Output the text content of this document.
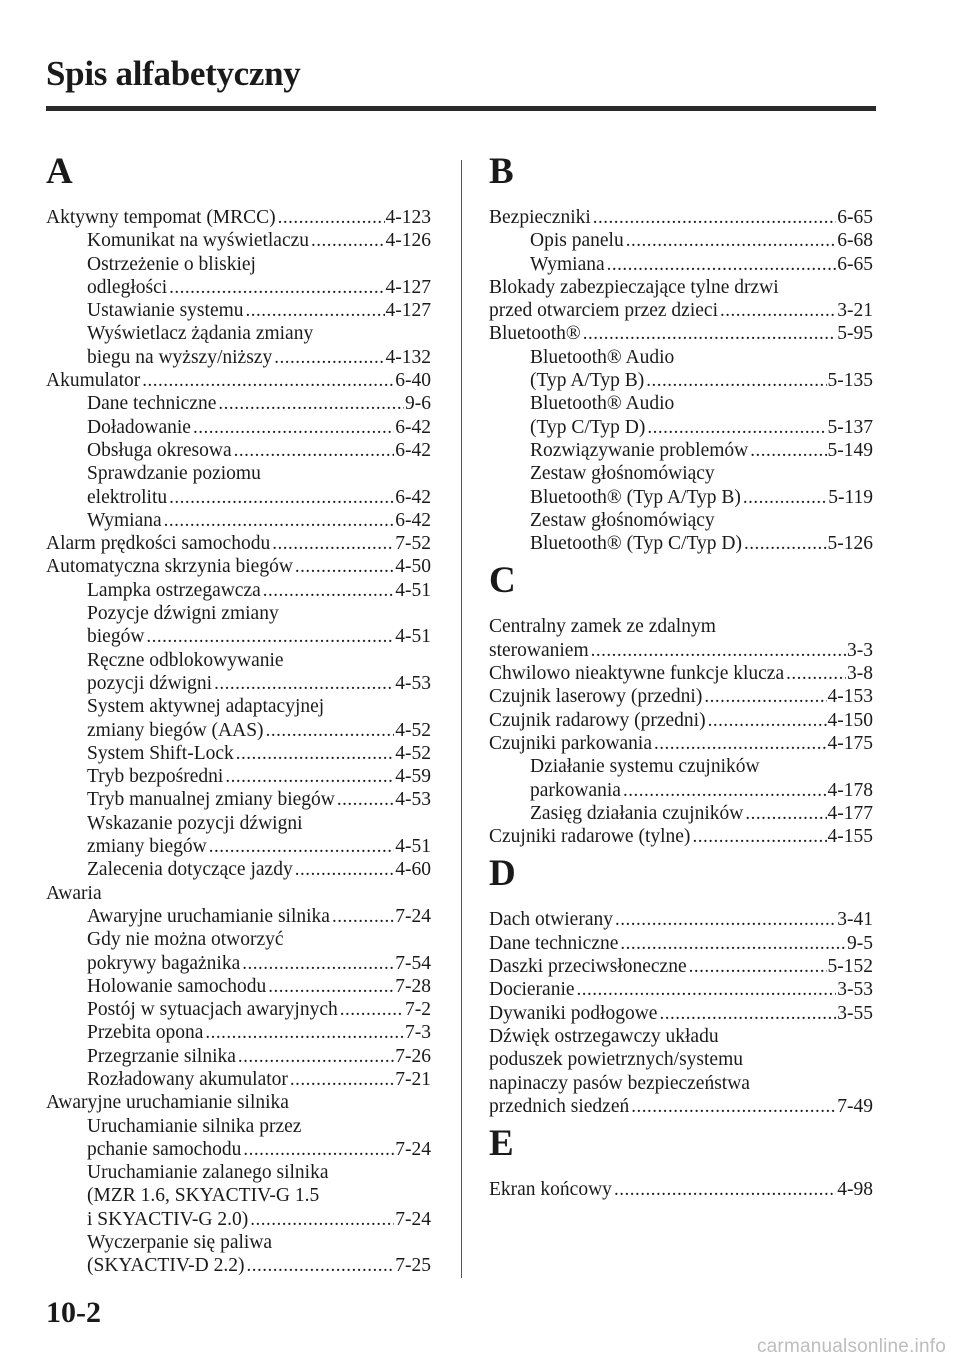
Spis alfabetyczny
A
Aktywny tempomat (MRCC) .....	4-123
Komunikat na wyświetlaczu .....	4-126
Ostrzeżenie o bliskiej
odległości .....	4-127
Ustawianie systemu .....	4-127
Wyświetlacz żądania zmiany
biegu na wyższy/niższy .....	4-132
Akumulator .....	6-40
Dane techniczne .....	9-6
Doładowanie .....	6-42
Obsługa okresowa .....	6-42
Sprawdzanie poziomu
elektrolitu .....	6-42
Wymiana .....	6-42
Alarm prędkości samochodu .....	7-52
Automatyczna skrzynia biegów .....	4-50
Lampka ostrzegawcza .....	4-51
Pozycje dźwigni zmiany
biegów .....	4-51
Ręczne odblokowywanie
pozycji dźwigni .....	4-53
System aktywnej adaptacyjnej
zmiany biegów (AAS) .....	4-52
System Shift-Lock .....	4-52
Tryb bezpośredni .....	4-59
Tryb manualnej zmiany biegów .....	4-53
Wskazanie pozycji dźwigni
zmiany biegów .....	4-51
Zalecenia dotyczące jazdy .....	4-60
Awaria
Awaryjne uruchamianie silnika .....	7-24
Gdy nie można otworzyć
pokrywy bagażnika .....	7-54
Holowanie samochodu .....	7-28
Postój w sytuacjach awaryjnych .....	7-2
Przebita opona .....	7-3
Przegrzanie silnika .....	7-26
Rozładowany akumulator .....	7-21
Awaryjne uruchamianie silnika
Uruchamianie silnika przez
pchanie samochodu .....	7-24
Uruchamianie zalanego silnika
(MZR 1.6, SKYACTIV-G 1.5
i SKYACTIV-G 2.0) .....	7-24
Wyczerpanie się paliwa
(SKYACTIV-D 2.2) .....	7-25
B
Bezpieczniki .....	6-65
Opis panelu .....	6-68
Wymiana .....	6-65
Blokady zabezpieczające tylne drzwi
przed otwarciem przez dzieci .....	3-21
Bluetooth® .....	5-95
Bluetooth® Audio
(Typ A/Typ B) .....	5-135
Bluetooth® Audio
(Typ C/Typ D) .....	5-137
Rozwiązywanie problemów .....	5-149
Zestaw głośnomówiący
Bluetooth® (Typ A/Typ B) .....	5-119
Zestaw głośnomówiący
Bluetooth® (Typ C/Typ D) .....	5-126
C
Centralny zamek ze zdalnym
sterowaniem .....	3-3
Chwilowo nieaktywne funkcje klucza .....	3-8
Czujnik laserowy (przedni) .....	4-153
Czujnik radarowy (przedni) .....	4-150
Czujniki parkowania .....	4-175
Działanie systemu czujników
parkowania .....	4-178
Zasięg działania czujników .....	4-177
Czujniki radarowe (tylne) .....	4-155
D
Dach otwierany .....	3-41
Dane techniczne .....	9-5
Daszki przeciwsłoneczne .....	5-152
Docieranie .....	3-53
Dywaniki podłogowe .....	3-55
Dźwięk ostrzegawczy układu
poduszek powietrznych/systemu
napinaczy pasów bezpieczeństwa
przednich siedzeń .....	7-49
E
Ekran końcowy .....	4-98
10-2
carmanualsonline.info
